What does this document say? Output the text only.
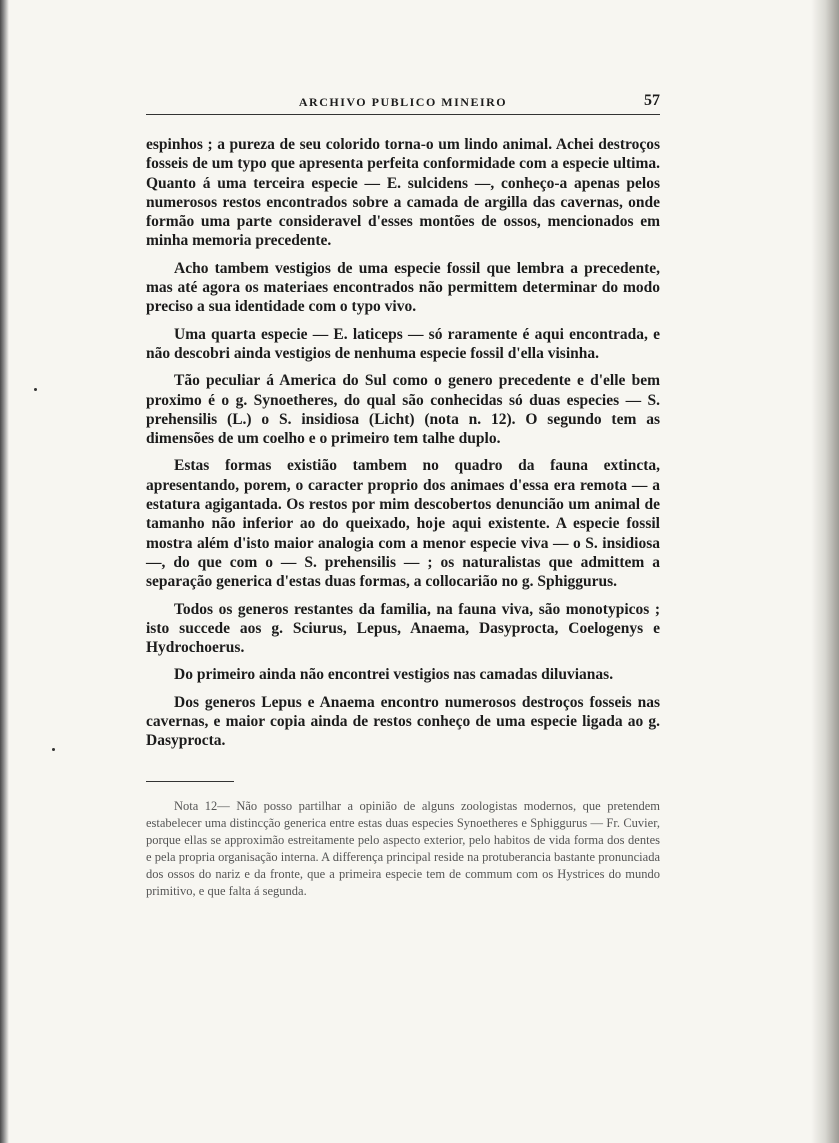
ARCHIVO PUBLICO MINEIRO	57

espinhos ; a pureza de seu colorido torna-o um lindo animal. Achei destroços fosseis de um typo que apresenta perfeita conformidade com a especie ultima. Quanto á uma terceira especie — E. sulcidens —, conheço-a apenas pelos numerosos restos encontrados sobre a camada de argilla das cavernas, onde formão uma parte consideravel d'esses montões de ossos, mencionados em minha memoria precedente.

Acho tambem vestigios de uma especie fossil que lembra a precedente, mas até agora os materiaes encontrados não permittem determinar do modo preciso a sua identidade com o typo vivo.

Uma quarta especie — E. laticeps — só raramente é aqui encontrada, e não descobri ainda vestigios de nenhuma especie fossil d'ella visinha.

Tão peculiar á America do Sul como o genero precedente e d'elle bem proximo é o g. Synoetheres, do qual são conhecidas só duas especies — S. prehensilis (L.) o S. insidiosa (Licht) (nota n. 12). O segundo tem as dimensões de um coelho e o primeiro tem talhe duplo.

Estas formas existião tambem no quadro da fauna extincta, apresentando, porem, o caracter proprio dos animaes d'essa era remota — a estatura agigantada. Os restos por mim descobertos denuncião um animal de tamanho não inferior ao do queixado, hoje aqui existente. A especie fossil mostra além d'isto maior analogia com a menor especie viva — o S. insidiosa —, do que com o — S. prehensilis — ; os naturalistas que admittem a separação generica d'estas duas formas, a collocarião no g. Sphiggurus.

Todos os generos restantes da familia, na fauna viva, são monotypicos ; isto succede aos g. Sciurus, Lepus, Anaema, Dasyprocta, Coelogenys e Hydrochoerus.

Do primeiro ainda não encontrei vestigios nas camadas diluvianas.

Dos generos Lepus e Anaema encontro numerosos destroços fosseis nas cavernas, e maior copia ainda de restos conheço de uma especie ligada ao g. Dasyprocta.

Nota 12— Não posso partilhar a opinião de alguns zoologistas modernos, que pretendem estabelecer uma distincção generica entre estas duas especies Synoetheres e Sphiggurus — Fr. Cuvier, porque ellas se approximão estreitamente pelo aspecto exterior, pelo habitos de vida forma dos dentes e pela propria organisação interna. A differença principal reside na protuberancia bastante pronunciada dos ossos do nariz e da fronte, que a primeira especie tem de commum com os Hystrices do mundo primitivo, e que falta á segunda.
